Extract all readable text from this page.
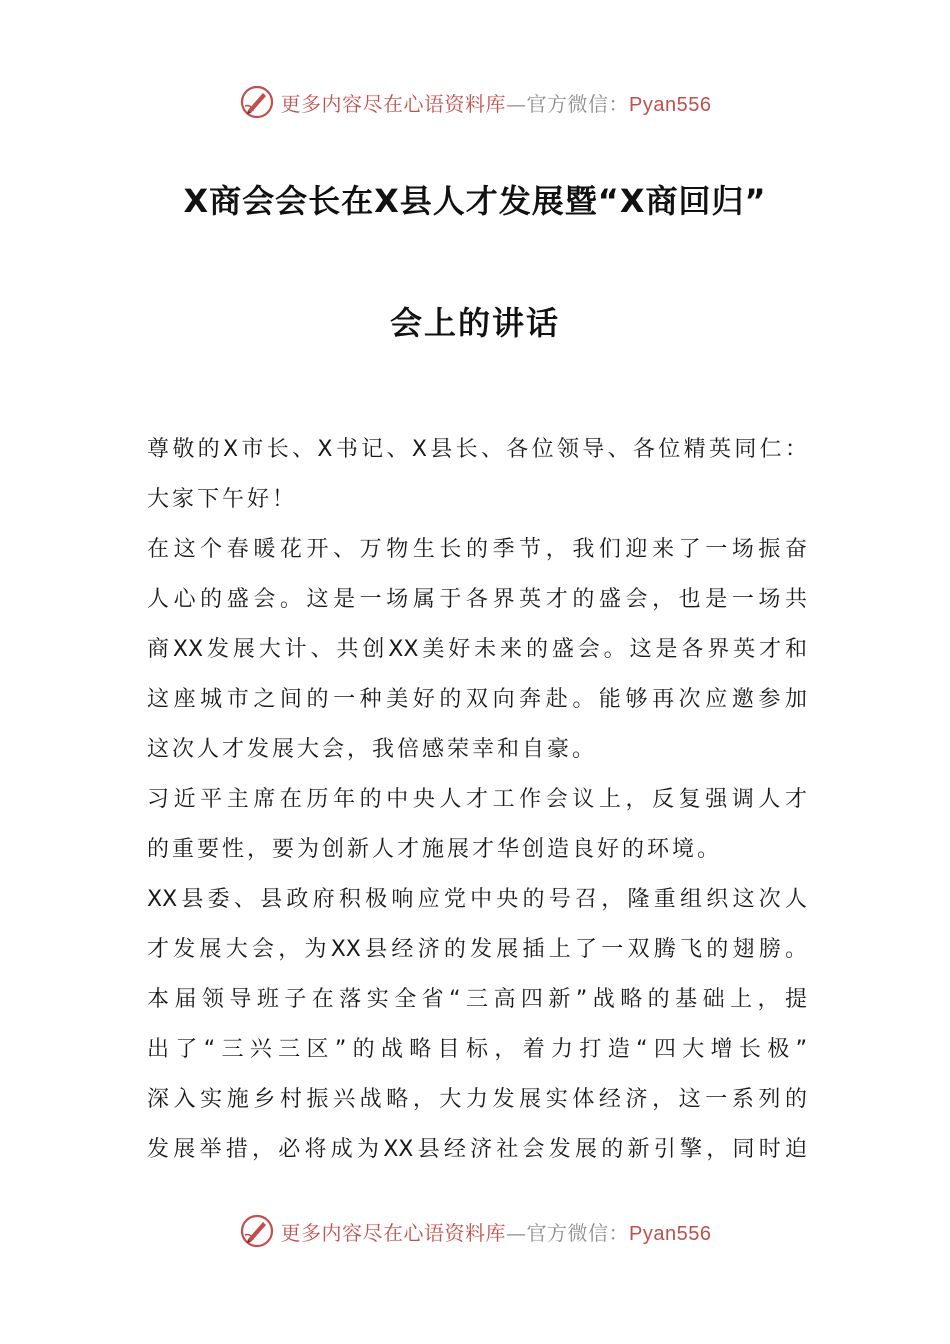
更多内容尽在心语资料库—官方微信：Pyan556
X商会会长在X县人才发展暨“X商回归”
会上的讲话
尊敬的X市长、X书记、X县长、各位领导、各位精英同仁：
大家下午好！
在这个春暖花开、万物生长的季节，我们迎来了一场振奋
人心的盛会。这是一场属于各界英才的盛会，也是一场共
商XX发展大计、共创XX美好未来的盛会。这是各界英才和
这座城市之间的一种美好的双向奔赴。能够再次应邀参加
这次人才发展大会，我倍感荣幸和自豪。
习近平主席在历年的中央人才工作会议上，反复强调人才
的重要性，要为创新人才施展才华创造良好的环境。
XX县委、县政府积极响应党中央的号召，隆重组织这次人
才发展大会，为XX县经济的发展插上了一双腾飞的翅膀。
本届领导班子在落实全省“三高四新”战略的基础上，提
出了“三兴三区”的战略目标，着力打造“四大增长极”
深入实施乡村振兴战略，大力发展实体经济，这一系列的
发展举措，必将成为XX县经济社会发展的新引擎，同时迫
更多内容尽在心语资料库—官方微信：Pyan556
